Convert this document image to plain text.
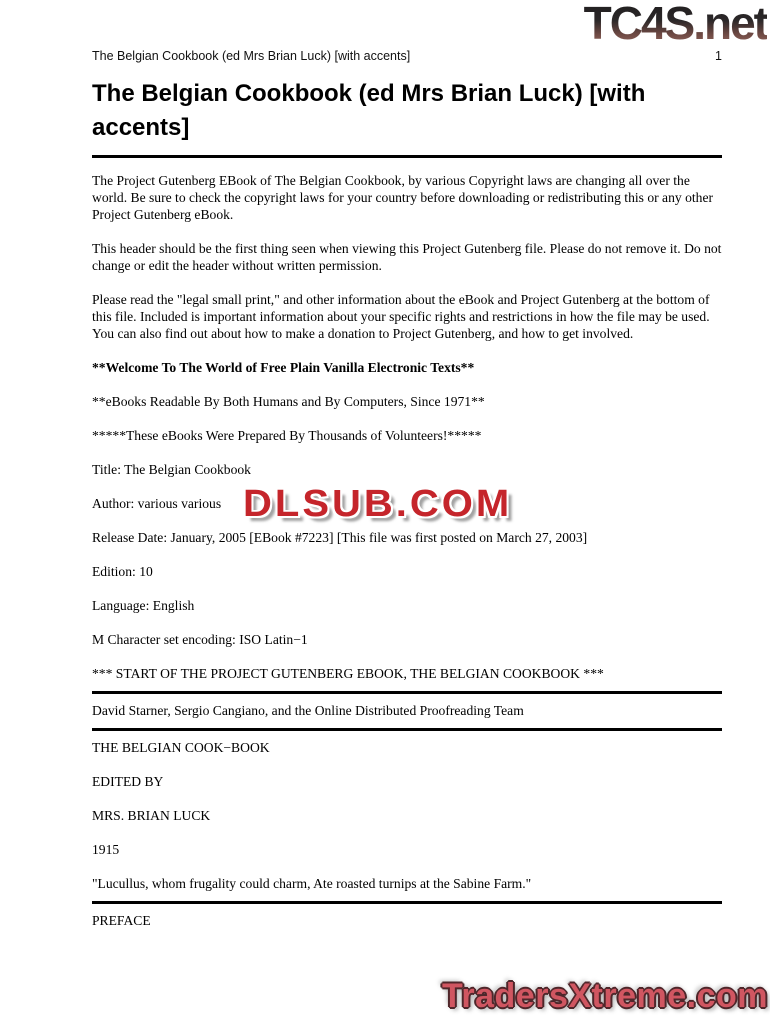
TC4S.net
The Belgian Cookbook (ed Mrs Brian Luck) [with accents]	1
The Belgian Cookbook (ed Mrs Brian Luck) [with accents]

The Project Gutenberg EBook of The Belgian Cookbook, by various Copyright laws are changing all over the world. Be sure to check the copyright laws for your country before downloading or redistributing this or any other Project Gutenberg eBook.

This header should be the first thing seen when viewing this Project Gutenberg file. Please do not remove it. Do not change or edit the header without written permission.

Please read the "legal small print," and other information about the eBook and Project Gutenberg at the bottom of this file. Included is important information about your specific rights and restrictions in how the file may be used. You can also find out about how to make a donation to Project Gutenberg, and how to get involved.

**Welcome To The World of Free Plain Vanilla Electronic Texts**

**eBooks Readable By Both Humans and By Computers, Since 1971**

*****These eBooks Were Prepared By Thousands of Volunteers!*****

Title: The Belgian Cookbook

Author: various various

Release Date: January, 2005 [EBook #7223] [This file was first posted on March 27, 2003]

Edition: 10

Language: English

M Character set encoding: ISO Latin−1

*** START OF THE PROJECT GUTENBERG EBOOK, THE BELGIAN COOKBOOK ***

David Starner, Sergio Cangiano, and the Online Distributed Proofreading Team

THE BELGIAN COOK−BOOK

EDITED BY

MRS. BRIAN LUCK

1915

"Lucullus, whom frugality could charm, Ate roasted turnips at the Sabine Farm."

PREFACE

DLSUB.COM
TradersXtreme.com
